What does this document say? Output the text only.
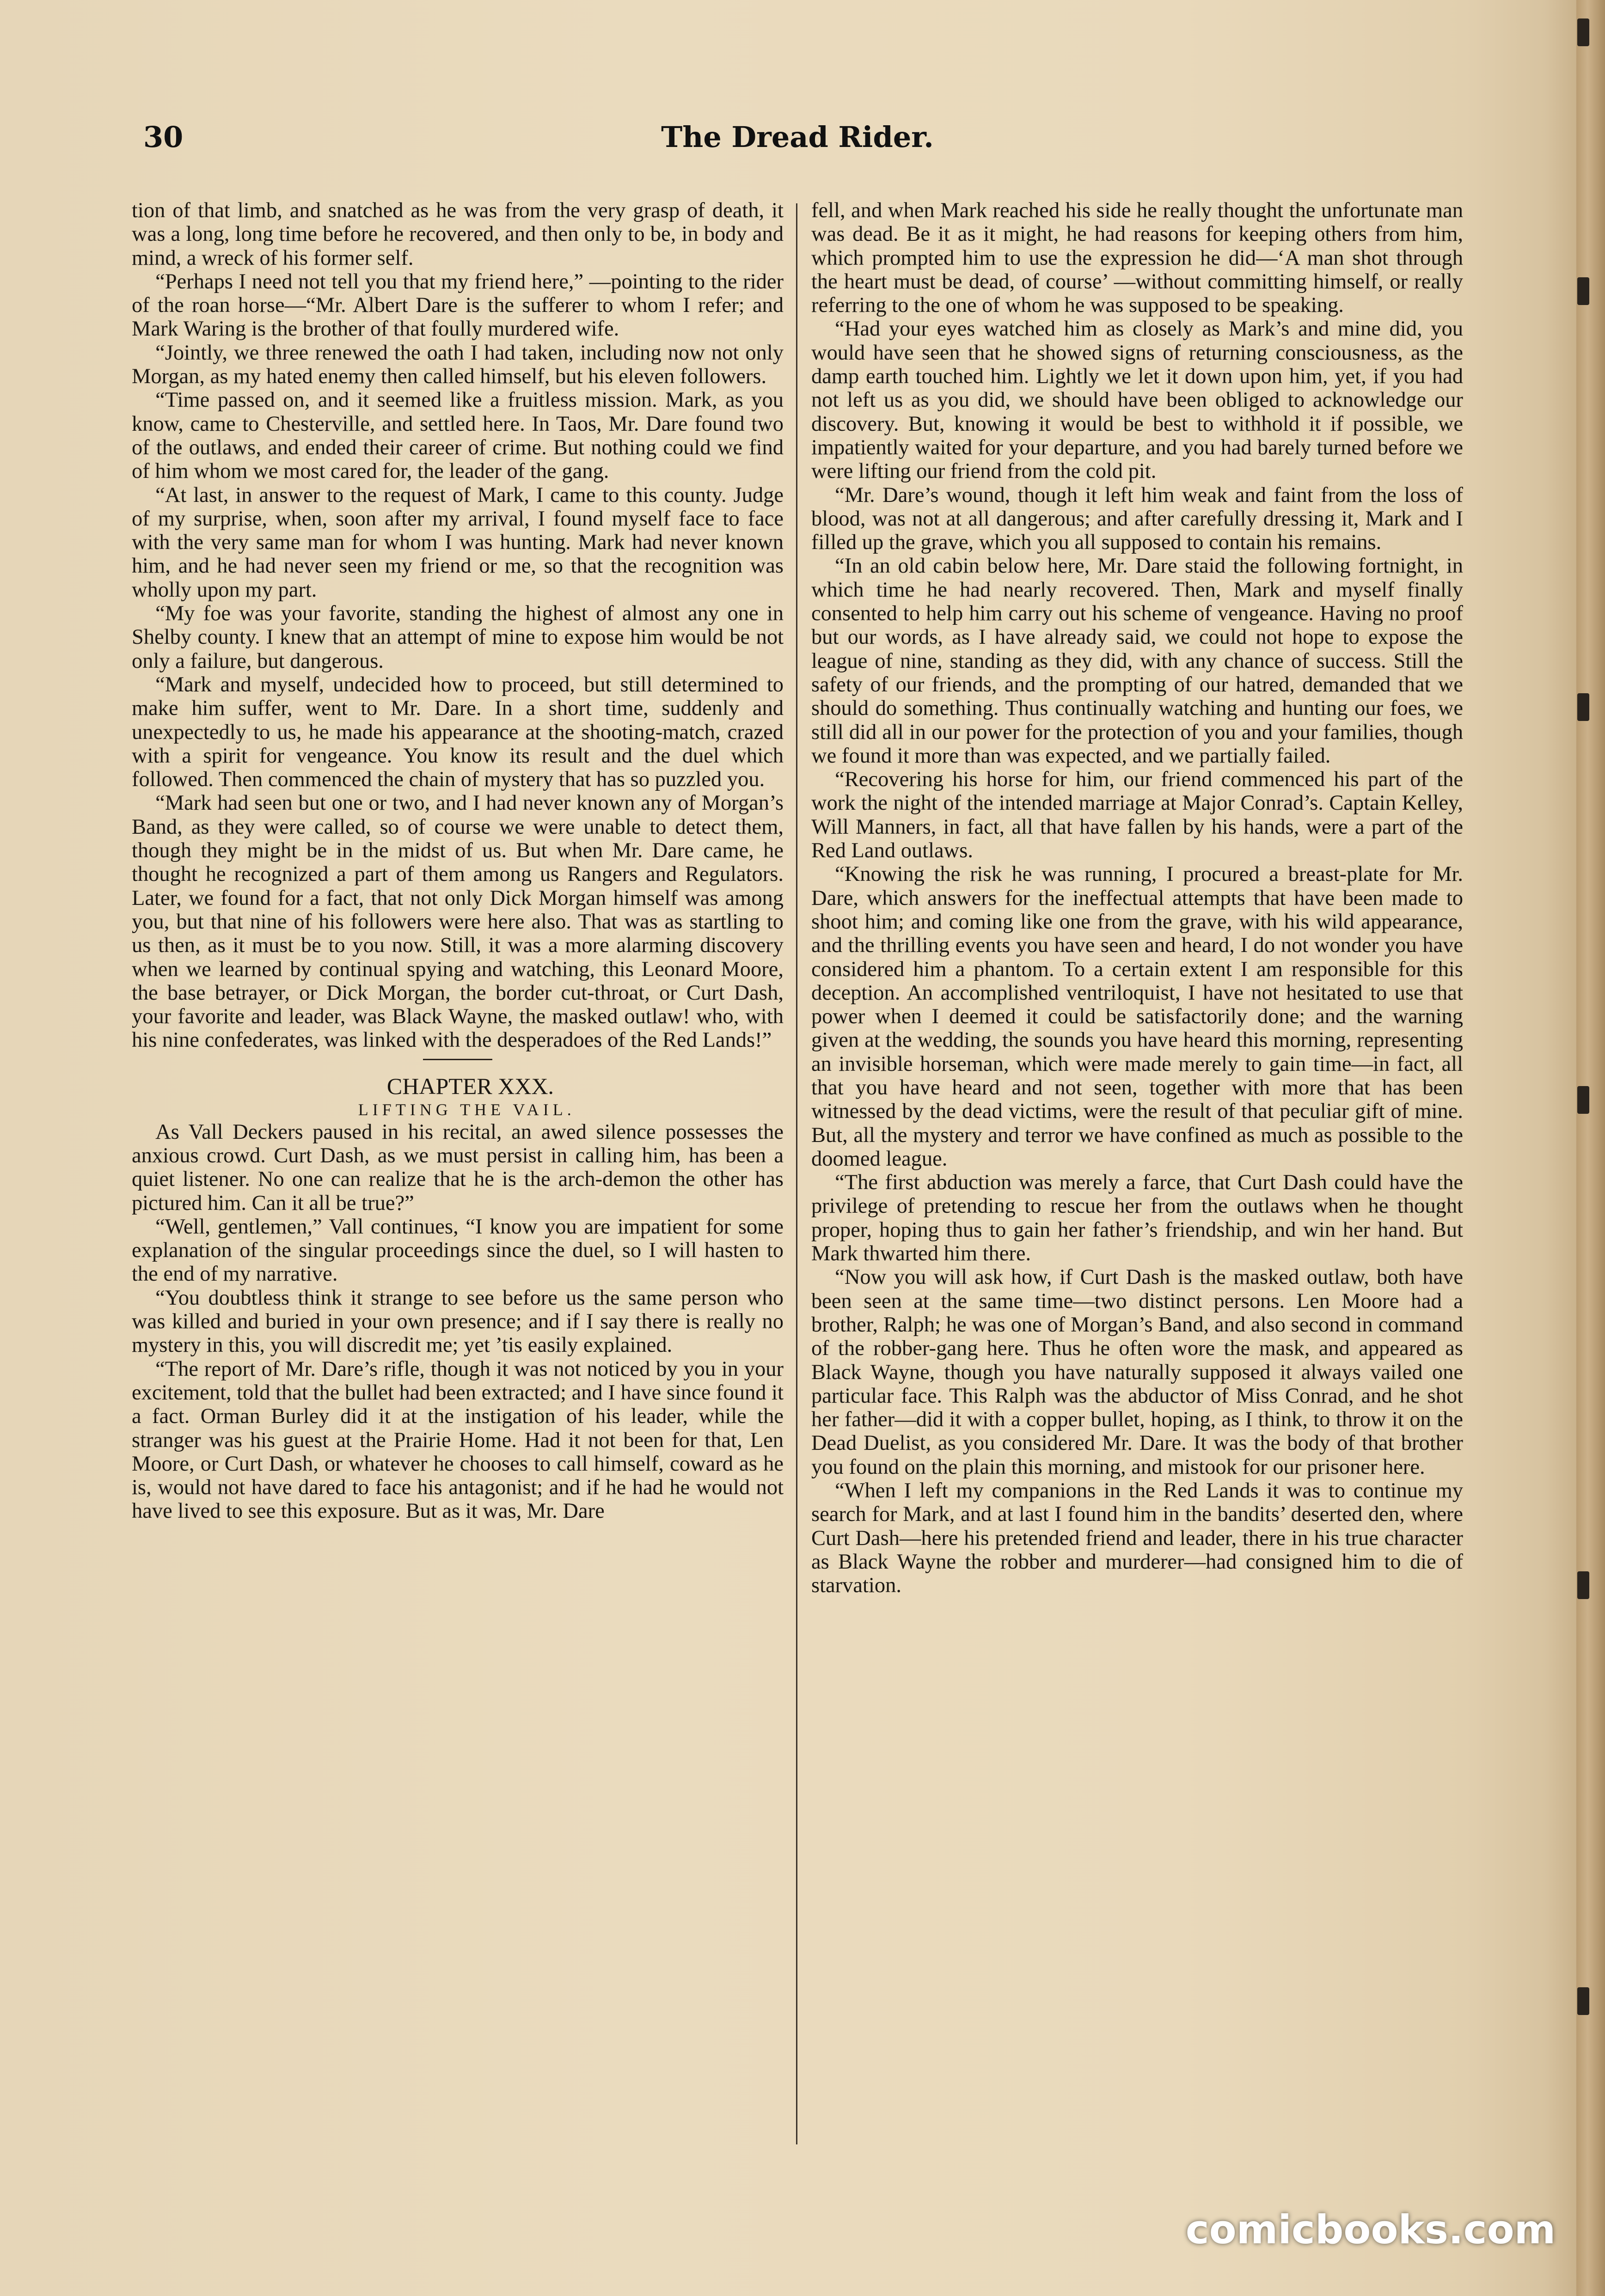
30	The Dread Rider.

tion of that limb, and snatched as he was from the very grasp of death, it was a long, long time before he recovered, and then only to be, in body and mind, a wreck of his former self.

“Perhaps I need not tell you that my friend here,” —pointing to the rider of the roan horse—“Mr. Albert Dare is the sufferer to whom I refer; and Mark Waring is the brother of that foully murdered wife.

“Jointly, we three renewed the oath I had taken, including now not only Morgan, as my hated enemy then called himself, but his eleven followers.

“Time passed on, and it seemed like a fruitless mission. Mark, as you know, came to Chesterville, and settled here. In Taos, Mr. Dare found two of the outlaws, and ended their career of crime. But nothing could we find of him whom we most cared for, the leader of the gang.

“At last, in answer to the request of Mark, I came to this county. Judge of my surprise, when, soon after my arrival, I found myself face to face with the very same man for whom I was hunting. Mark had never known him, and he had never seen my friend or me, so that the recognition was wholly upon my part.

“My foe was your favorite, standing the highest of almost any one in Shelby county. I knew that an attempt of mine to expose him would be not only a failure, but dangerous.

“Mark and myself, undecided how to proceed, but still determined to make him suffer, went to Mr. Dare. In a short time, suddenly and unexpectedly to us, he made his appearance at the shooting-match, crazed with a spirit for vengeance. You know its result and the duel which followed. Then commenced the chain of mystery that has so puzzled you.

“Mark had seen but one or two, and I had never known any of Morgan’s Band, as they were called, so of course we were unable to detect them, though they might be in the midst of us. But when Mr. Dare came, he thought he recognized a part of them among us Rangers and Regulators. Later, we found for a fact, that not only Dick Morgan himself was among you, but that nine of his followers were here also. That was as startling to us then, as it must be to you now. Still, it was a more alarming discovery when we learned by continual spying and watching, this Leonard Moore, the base betrayer, or Dick Morgan, the border cut-throat, or Curt Dash, your favorite and leader, was Black Wayne, the masked outlaw! who, with his nine confederates, was linked with the desperadoes of the Red Lands!”

CHAPTER XXX.

LIFTING THE VAIL.

As Vall Deckers paused in his recital, an awed silence possesses the anxious crowd. Curt Dash, as we must persist in calling him, has been a quiet listener. No one can realize that he is the arch-demon the other has pictured him. Can it all be true?”

“Well, gentlemen,” Vall continues, “I know you are impatient for some explanation of the singular proceedings since the duel, so I will hasten to the end of my narrative.

“You doubtless think it strange to see before us the same person who was killed and buried in your own presence; and if I say there is really no mystery in this, you will discredit me; yet ’tis easily explained.

“The report of Mr. Dare’s rifle, though it was not noticed by you in your excitement, told that the bullet had been extracted; and I have since found it a fact. Orman Burley did it at the instigation of his leader, while the stranger was his guest at the Prairie Home. Had it not been for that, Len Moore, or Curt Dash, or whatever he chooses to call himself, coward as he is, would not have dared to face his antagonist; and if he had he would not have lived to see this exposure. But as it was, Mr. Dare

fell, and when Mark reached his side he really thought the unfortunate man was dead. Be it as it might, he had reasons for keeping others from him, which prompted him to use the expression he did—‘A man shot through the heart must be dead, of course’ —without committing himself, or really referring to the one of whom he was supposed to be speaking.

“Had your eyes watched him as closely as Mark’s and mine did, you would have seen that he showed signs of returning consciousness, as the damp earth touched him. Lightly we let it down upon him, yet, if you had not left us as you did, we should have been obliged to acknowledge our discovery. But, knowing it would be best to withhold it if possible, we impatiently waited for your departure, and you had barely turned before we were lifting our friend from the cold pit.

“Mr. Dare’s wound, though it left him weak and faint from the loss of blood, was not at all dangerous; and after carefully dressing it, Mark and I filled up the grave, which you all supposed to contain his remains.

“In an old cabin below here, Mr. Dare staid the following fortnight, in which time he had nearly recovered. Then, Mark and myself finally consented to help him carry out his scheme of vengeance. Having no proof but our words, as I have already said, we could not hope to expose the league of nine, standing as they did, with any chance of success. Still the safety of our friends, and the prompting of our hatred, demanded that we should do something. Thus continually watching and hunting our foes, we still did all in our power for the protection of you and your families, though we found it more than was expected, and we partially failed.

“Recovering his horse for him, our friend commenced his part of the work the night of the intended marriage at Major Conrad’s. Captain Kelley, Will Manners, in fact, all that have fallen by his hands, were a part of the Red Land outlaws.

“Knowing the risk he was running, I procured a breast-plate for Mr. Dare, which answers for the ineffectual attempts that have been made to shoot him; and coming like one from the grave, with his wild appearance, and the thrilling events you have seen and heard, I do not wonder you have considered him a phantom. To a certain extent I am responsible for this deception. An accomplished ventriloquist, I have not hesitated to use that power when I deemed it could be satisfactorily done; and the warning given at the wedding, the sounds you have heard this morning, representing an invisible horseman, which were made merely to gain time—in fact, all that you have heard and not seen, together with more that has been witnessed by the dead victims, were the result of that peculiar gift of mine. But, all the mystery and terror we have confined as much as possible to the doomed league.

“The first abduction was merely a farce, that Curt Dash could have the privilege of pretending to rescue her from the outlaws when he thought proper, hoping thus to gain her father’s friendship, and win her hand. But Mark thwarted him there.

“Now you will ask how, if Curt Dash is the masked outlaw, both have been seen at the same time—two distinct persons. Len Moore had a brother, Ralph; he was one of Morgan’s Band, and also second in command of the robber-gang here. Thus he often wore the mask, and appeared as Black Wayne, though you have naturally supposed it always vailed one particular face. This Ralph was the abductor of Miss Conrad, and he shot her father—did it with a copper bullet, hoping, as I think, to throw it on the Dead Duelist, as you considered Mr. Dare. It was the body of that brother you found on the plain this morning, and mistook for our prisoner here.

“When I left my companions in the Red Lands it was to continue my search for Mark, and at last I found him in the bandits’ deserted den, where Curt Dash—here his pretended friend and leader, there in his true character as Black Wayne the robber and murderer—had consigned him to die of starvation.

comicbooks.com
